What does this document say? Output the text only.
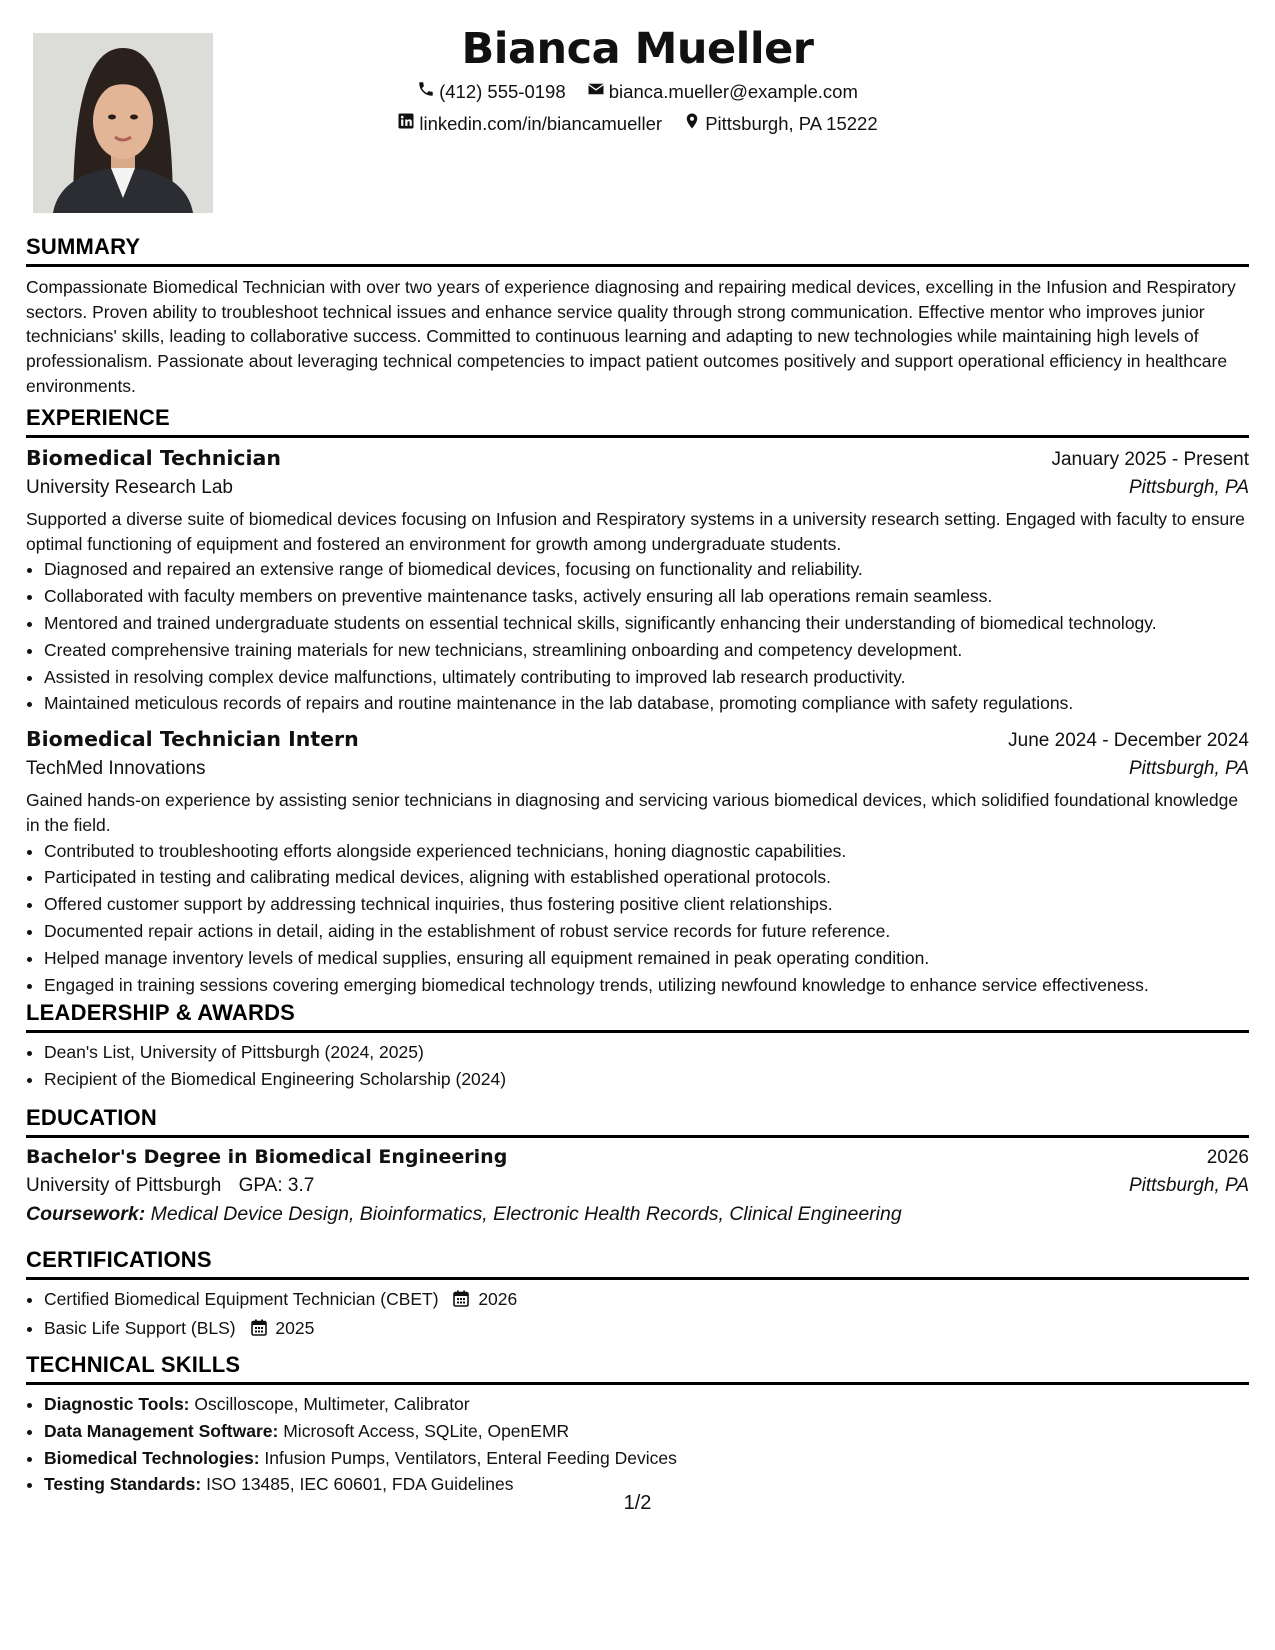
Bianca Mueller
(412) 555-0198
bianca.mueller@example.com
linkedin.com/in/biancamueller
Pittsburgh, PA 15222
SUMMARY

Compassionate Biomedical Technician with over two years of experience diagnosing and repairing medical devices, excelling in the Infusion and Respiratory sectors. Proven ability to troubleshoot technical issues and enhance service quality through strong communication. Effective mentor who improves junior technicians' skills, leading to collaborative success. Committed to continuous learning and adapting to new technologies while maintaining high levels of professionalism. Passionate about leveraging technical competencies to impact patient outcomes positively and support operational efficiency in healthcare environments.

EXPERIENCE
Biomedical Technician	January 2025 - Present
University Research Lab	Pittsburgh, PA

Supported a diverse suite of biomedical devices focusing on Infusion and Respiratory systems in a university research setting. Engaged with faculty to ensure optimal functioning of equipment and fostered an environment for growth among undergraduate students.

• Diagnosed and repaired an extensive range of biomedical devices, focusing on functionality and reliability.
• Collaborated with faculty members on preventive maintenance tasks, actively ensuring all lab operations remain seamless.
• Mentored and trained undergraduate students on essential technical skills, significantly enhancing their understanding of biomedical technology.
• Created comprehensive training materials for new technicians, streamlining onboarding and competency development.
• Assisted in resolving complex device malfunctions, ultimately contributing to improved lab research productivity.
• Maintained meticulous records of repairs and routine maintenance in the lab database, promoting compliance with safety regulations.
Biomedical Technician Intern	June 2024 - December 2024
TechMed Innovations	Pittsburgh, PA

Gained hands-on experience by assisting senior technicians in diagnosing and servicing various biomedical devices, which solidified foundational knowledge in the field.

• Contributed to troubleshooting efforts alongside experienced technicians, honing diagnostic capabilities.
• Participated in testing and calibrating medical devices, aligning with established operational protocols.
• Offered customer support by addressing technical inquiries, thus fostering positive client relationships.
• Documented repair actions in detail, aiding in the establishment of robust service records for future reference.
• Helped manage inventory levels of medical supplies, ensuring all equipment remained in peak operating condition.
• Engaged in training sessions covering emerging biomedical technology trends, utilizing newfound knowledge to enhance service effectiveness.
LEADERSHIP & AWARDS
• Dean's List, University of Pittsburgh (2024, 2025)
• Recipient of the Biomedical Engineering Scholarship (2024)
EDUCATION
Bachelor's Degree in Biomedical Engineering	2026
University of Pittsburgh GPA: 3.7	Pittsburgh, PA
Coursework: Medical Device Design, Bioinformatics, Electronic Health Records, Clinical Engineering
CERTIFICATIONS
• Certified Biomedical Equipment Technician (CBET) 2026
• Basic Life Support (BLS) 2025
TECHNICAL SKILLS
• Diagnostic Tools: Oscilloscope, Multimeter, Calibrator
• Data Management Software: Microsoft Access, SQLite, OpenEMR
• Biomedical Technologies: Infusion Pumps, Ventilators, Enteral Feeding Devices
• Testing Standards: ISO 13485, IEC 60601, FDA Guidelines
1/2
